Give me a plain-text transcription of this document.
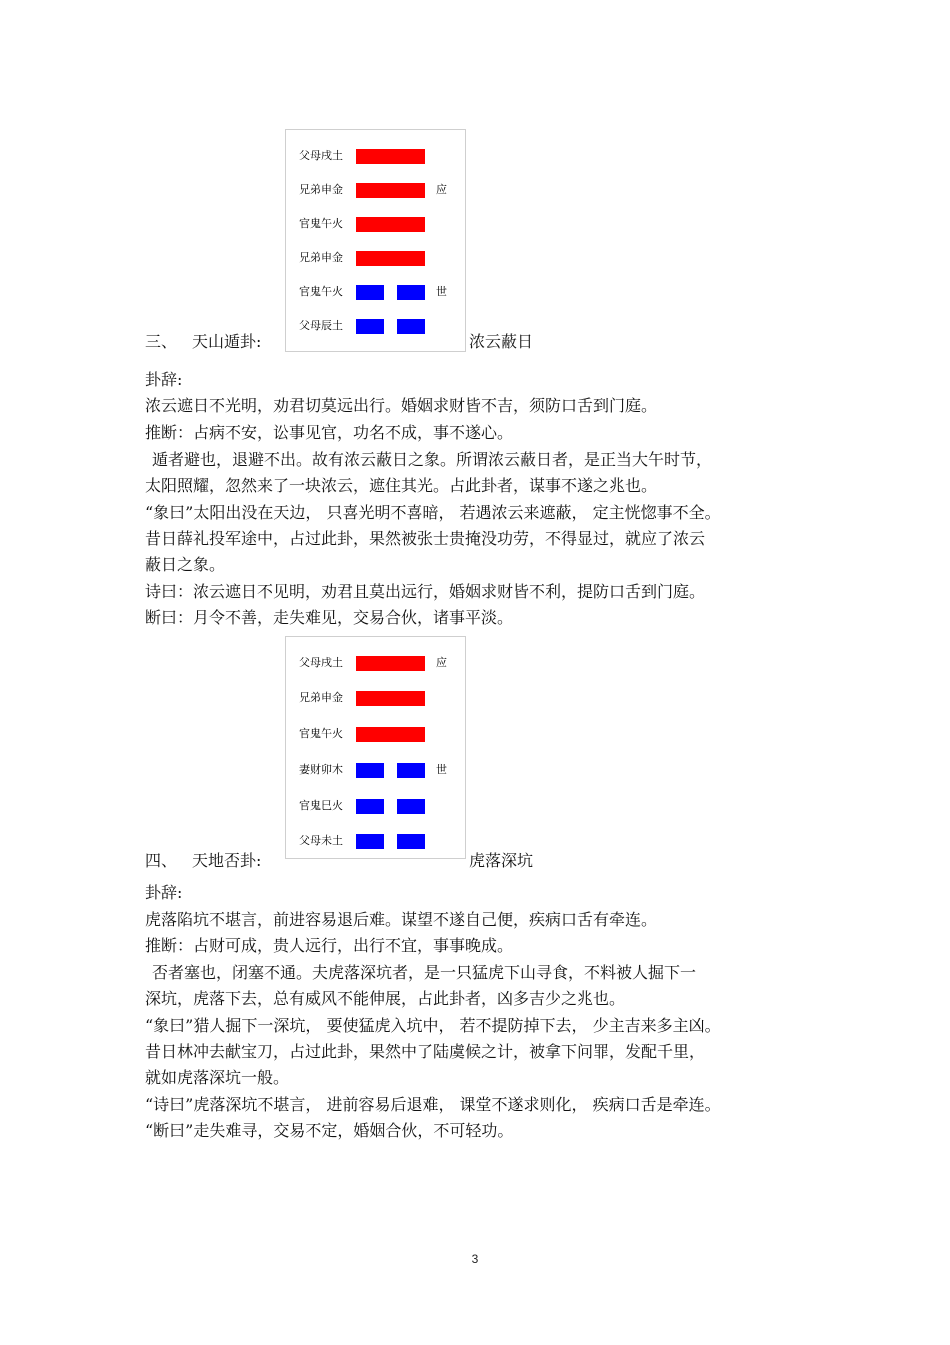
父母戌土
兄弟申金	应
官鬼午火
兄弟申金
官鬼午火	世
父母辰土
三、 天山遁卦:	浓云蔽日
卦辞:
浓云遮日不光明，劝君切莫远出行。婚姻求财皆不吉，须防口舌到门庭。
推断：占病不安，讼事见官，功名不成，事不遂心。
遁者避也，退避不出。故有浓云蔽日之象。所谓浓云蔽日者，是正当大午时节，
太阳照耀，忽然来了一块浓云，遮住其光。占此卦者，谋事不遂之兆也。
“象曰”太阳出没在天边， 只喜光明不喜暗， 若遇浓云来遮蔽， 定主恍惚事不全。
昔日薛礼投军途中，占过此卦，果然被张士贵掩没功劳，不得显过，就应了浓云
蔽日之象。
诗曰：浓云遮日不见明，劝君且莫出远行，婚姻求财皆不利，提防口舌到门庭。
断曰：月令不善，走失难见，交易合伙，诸事平淡。
父母戌土	应
兄弟申金
官鬼午火
妻财卯木	世
官鬼巳火
父母未土
四、 天地否卦:	虎落深坑
卦辞:
虎落陷坑不堪言，前进容易退后难。谋望不遂自己便，疾病口舌有牵连。
推断：占财可成，贵人远行，出行不宜，事事晚成。
否者塞也，闭塞不通。夫虎落深坑者，是一只猛虎下山寻食，不料被人掘下一
深坑，虎落下去，总有威风不能伸展，占此卦者，凶多吉少之兆也。
“象曰”猎人掘下一深坑， 要使猛虎入坑中， 若不提防掉下去， 少主吉来多主凶。
昔日林冲去献宝刀，占过此卦，果然中了陆虞候之计，被拿下问罪，发配千里，
就如虎落深坑一般。
“诗曰”虎落深坑不堪言， 进前容易后退难， 课堂不遂求则化， 疾病口舌是牵连。
“断曰”走失难寻，交易不定，婚姻合伙，不可轻功。
3
